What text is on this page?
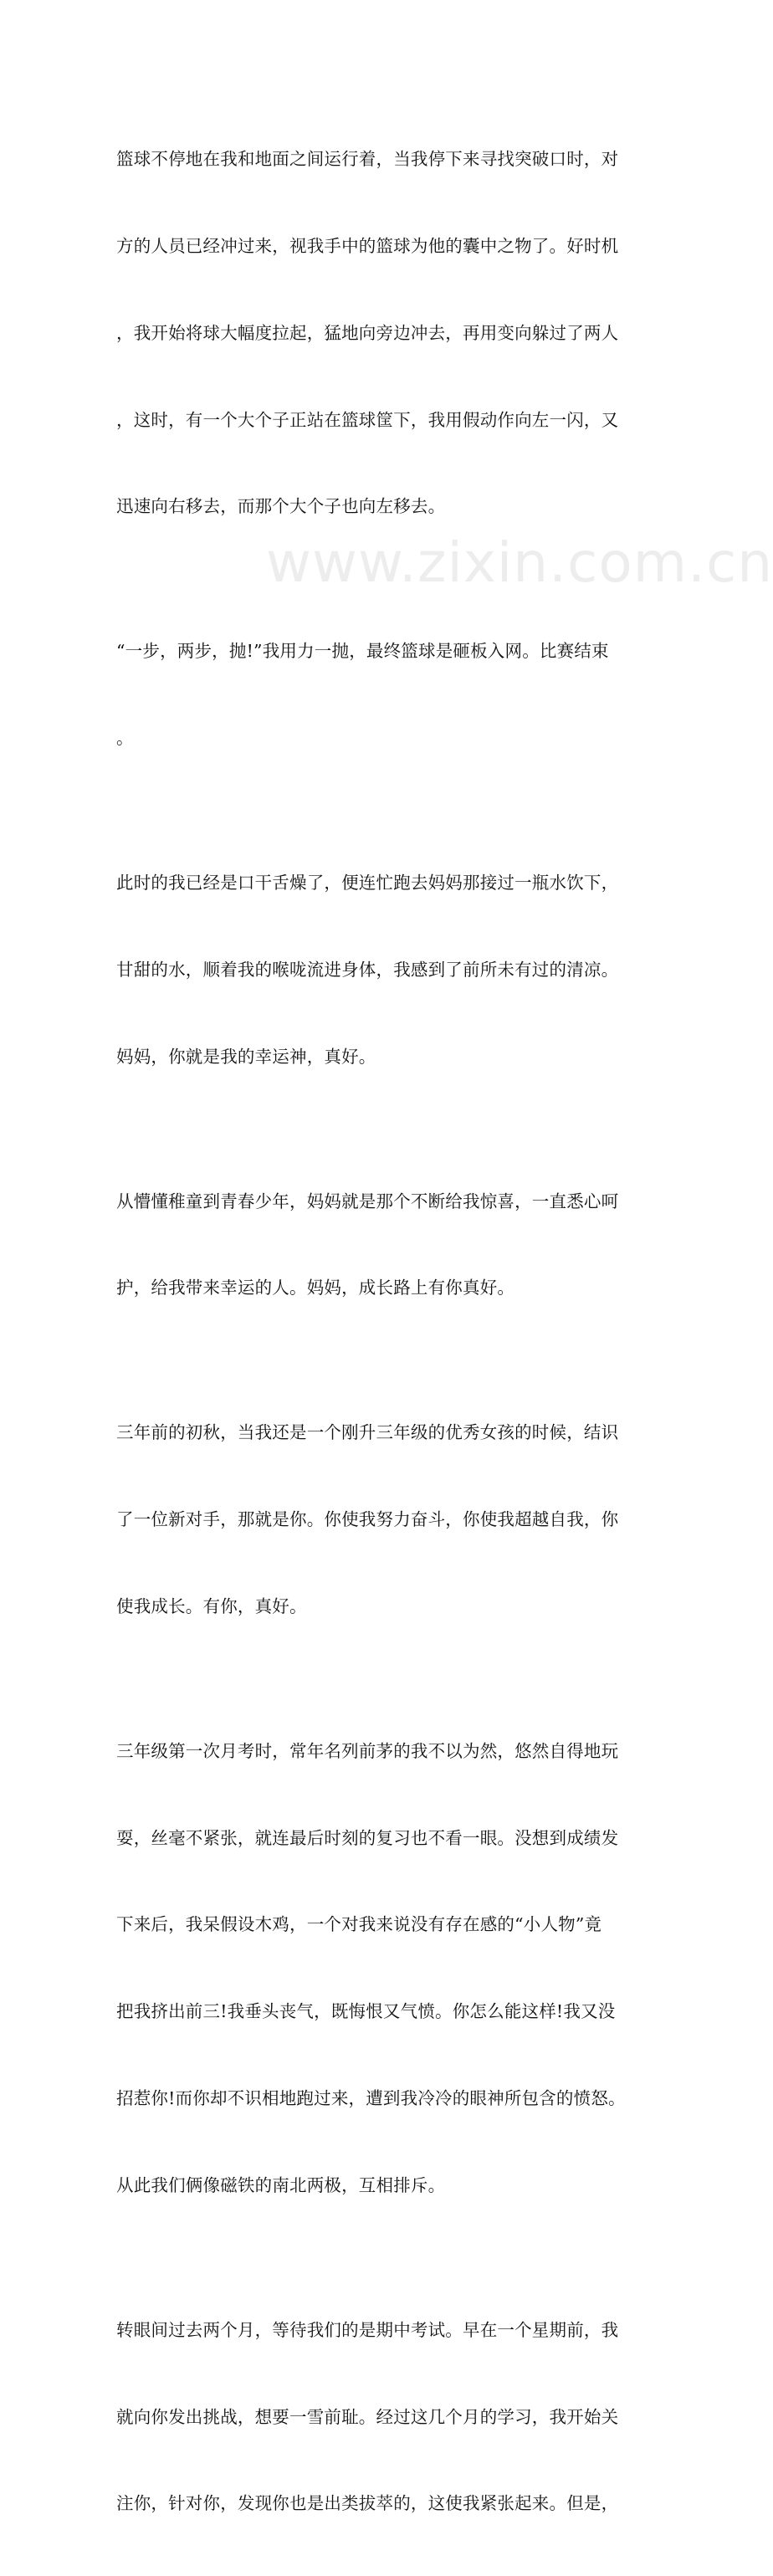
www.zixin.com.cn

篮球不停地在我和地面之间运行着，当我停下来寻找突破口时，对

方的人员已经冲过来，视我手中的篮球为他的囊中之物了。好时机

，我开始将球大幅度拉起，猛地向旁边冲去，再用变向躲过了两人

，这时，有一个大个子正站在篮球筐下，我用假动作向左一闪，又

迅速向右移去，而那个大个子也向左移去。

“一步，两步，抛!”我用力一抛，最终篮球是砸板入网。比赛结束

。

此时的我已经是口干舌燥了，便连忙跑去妈妈那接过一瓶水饮下，

甘甜的水，顺着我的喉咙流进身体，我感到了前所未有过的清凉。

妈妈，你就是我的幸运神，真好。

从懵懂稚童到青春少年，妈妈就是那个不断给我惊喜，一直悉心呵

护，给我带来幸运的人。妈妈，成长路上有你真好。

三年前的初秋，当我还是一个刚升三年级的优秀女孩的时候，结识

了一位新对手，那就是你。你使我努力奋斗，你使我超越自我，你

使我成长。有你，真好。

三年级第一次月考时，常年名列前茅的我不以为然，悠然自得地玩

耍，丝毫不紧张，就连最后时刻的复习也不看一眼。没想到成绩发

下来后，我呆假设木鸡，一个对我来说没有存在感的“小人物”竟

把我挤出前三!我垂头丧气，既悔恨又气愤。你怎么能这样!我又没

招惹你!而你却不识相地跑过来，遭到我冷冷的眼神所包含的愤怒。

从此我们俩像磁铁的南北两极，互相排斥。

转眼间过去两个月，等待我们的是期中考试。早在一个星期前，我

就向你发出挑战，想要一雪前耻。经过这几个月的学习，我开始关

注你，针对你，发现你也是出类拔萃的，这使我紧张起来。但是，
